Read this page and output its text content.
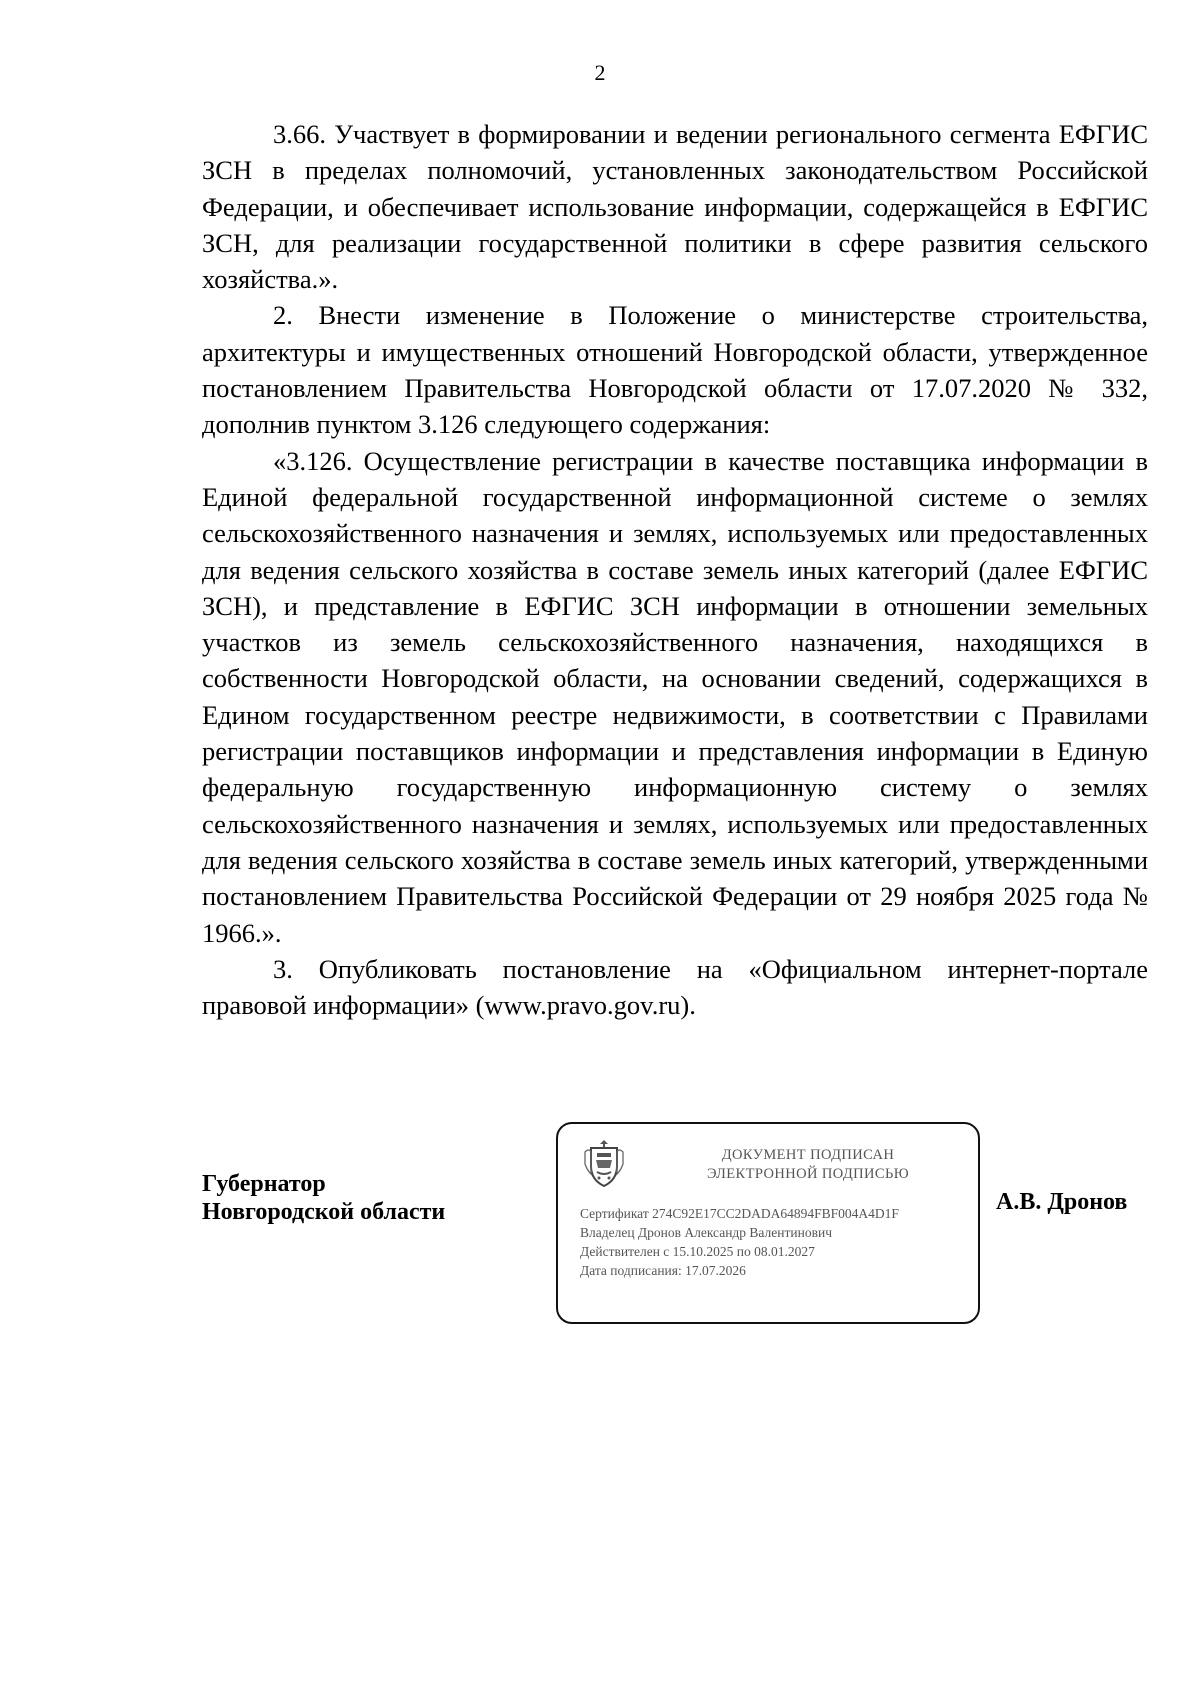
2

3.66. Участвует в формировании и ведении регионального сегмента ЕФГИС ЗСН в пределах полномочий, установленных законодательством Российской Федерации, и обеспечивает использование информации, содержащейся в ЕФГИС ЗСН, для реализации государственной политики в сфере развития сельского хозяйства.».

2. Внести изменение в Положение о министерстве строительства, архитектуры и имущественных отношений Новгородской области, утвержденное постановлением Правительства Новгородской области от 17.07.2020 № 332, дополнив пунктом 3.126 следующего содержания:

«3.126. Осуществление регистрации в качестве поставщика информации в Единой федеральной государственной информационной системе о землях сельскохозяйственного назначения и землях, используемых или предоставленных для ведения сельского хозяйства в составе земель иных категорий (далее ЕФГИС ЗСН), и представление в ЕФГИС ЗСН информации в отношении земельных участков из земель сельскохозяйственного назначения, находящихся в собственности Новгородской области, на основании сведений, содержащихся в Едином государственном реестре недвижимости, в соответствии с Правилами регистрации поставщиков информации и представления информации в Единую федеральную государственную информационную систему о землях сельскохозяйственного назначения и землях, используемых или предоставленных для ведения сельского хозяйства в составе земель иных категорий, утвержденными постановлением Правительства Российской Федерации от 29 ноября 2025 года № 1966.».

3. Опубликовать постановление на «Официальном интернет-портале правовой информации» (www.pravo.gov.ru).

Губернатор
Новгородской области
ДОКУМЕНТ ПОДПИСАН
ЭЛЕКТРОННОЙ ПОДПИСЬЮ
Сертификат 274C92E17CC2DADA64894FBF004A4D1F
Владелец Дронов Александр Валентинович
Действителен с 15.10.2025 по 08.01.2027
Дата подписания: 17.07.2026
А.В. Дронов
